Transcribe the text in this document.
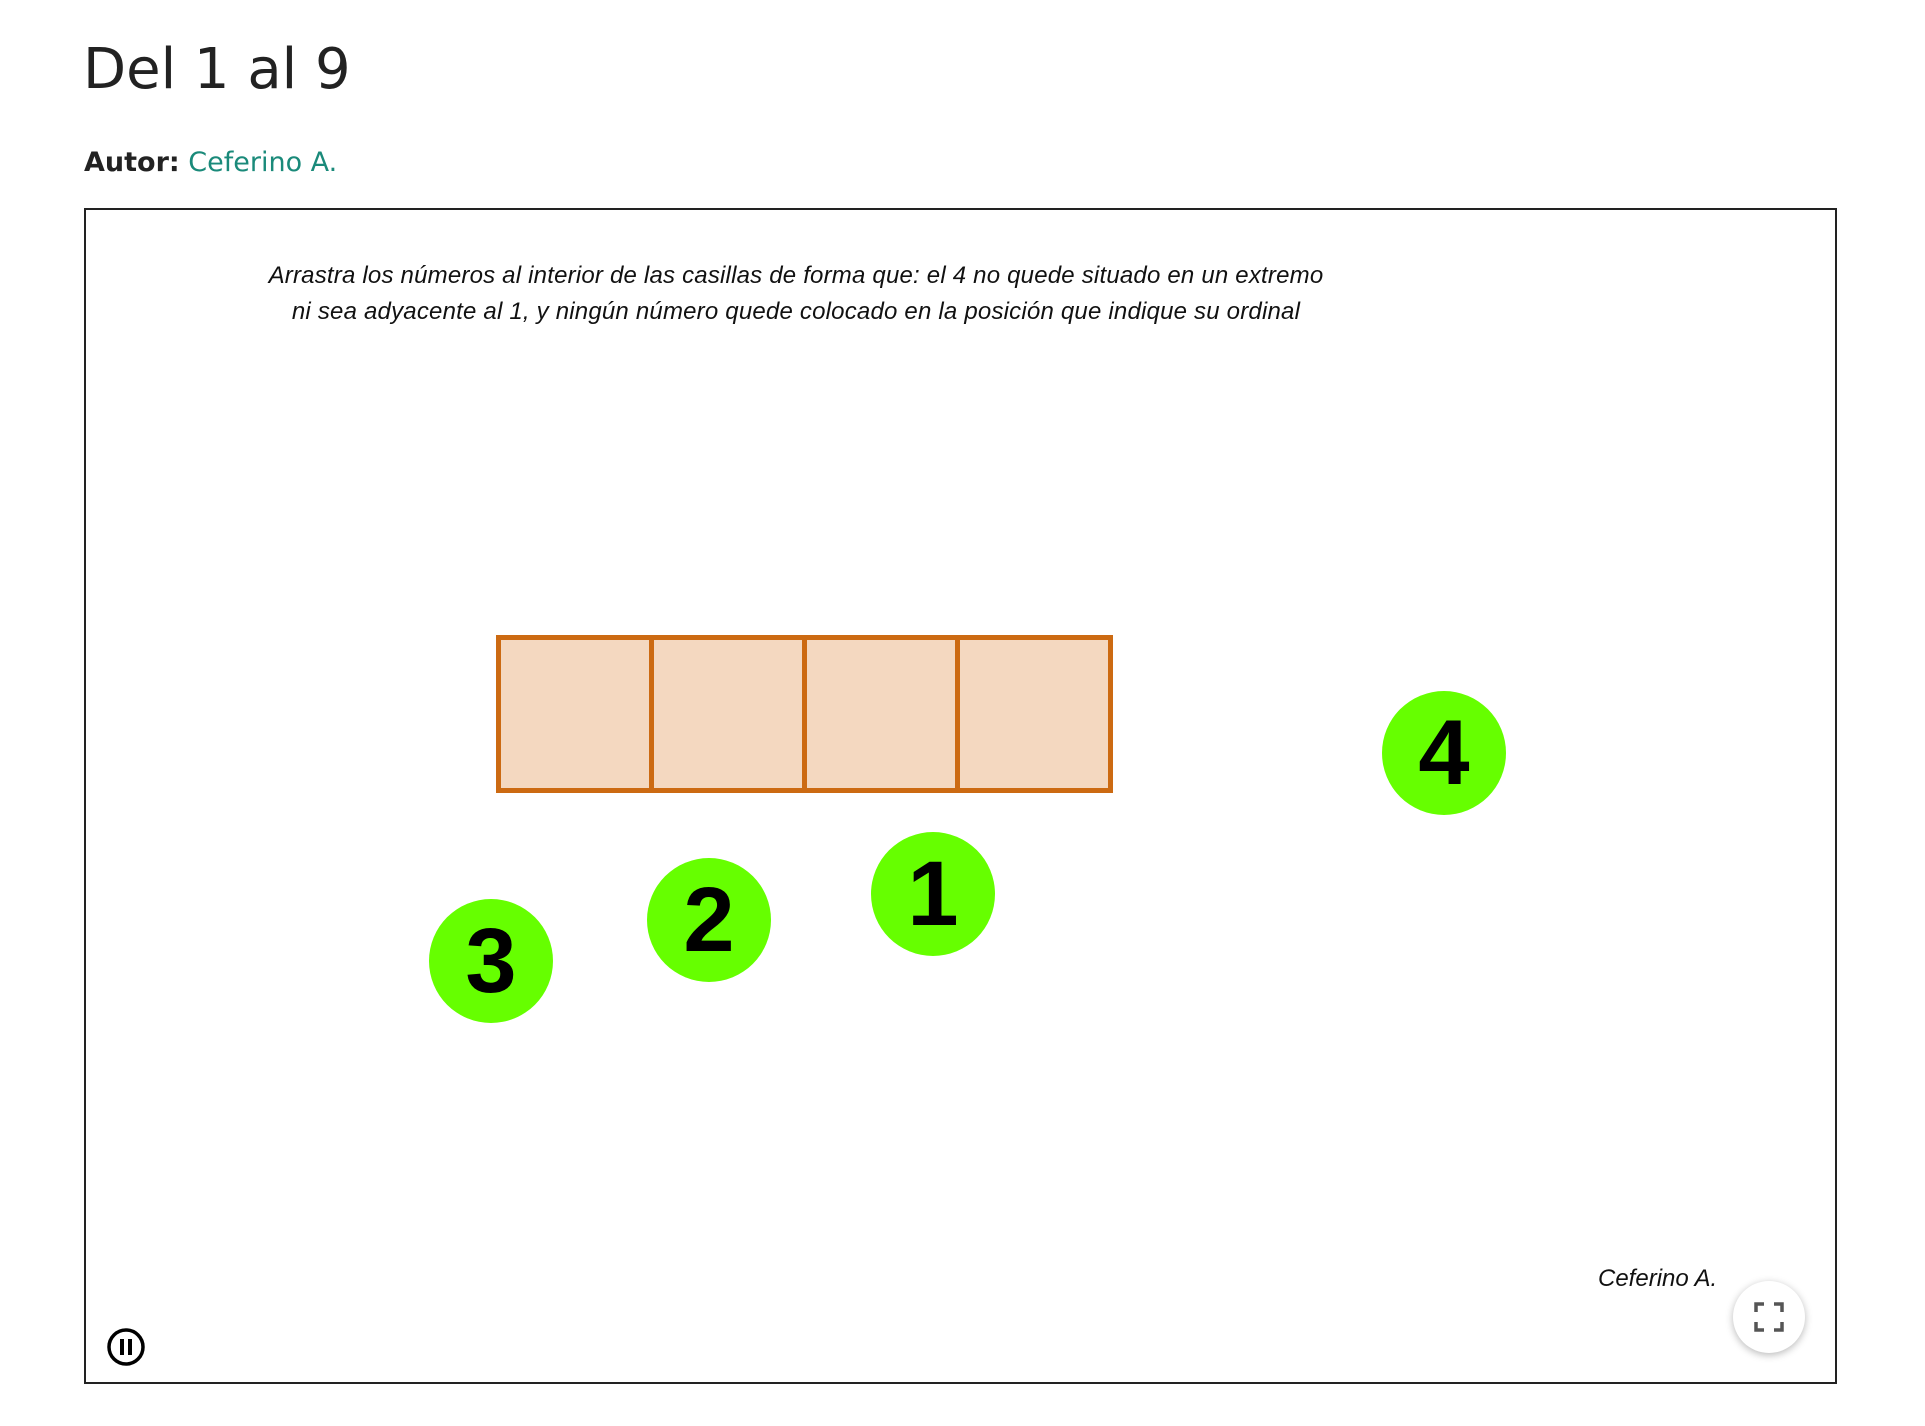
Del 1 al 9
Autor: Ceferino A.
Arrastra los números al interior de las casillas de forma que: el 4 no quede situado en un extremo
ni sea adyacente al 1, y ningún número quede colocado en la posición que indique su ordinal
4
1
2
3
Ceferino A.
